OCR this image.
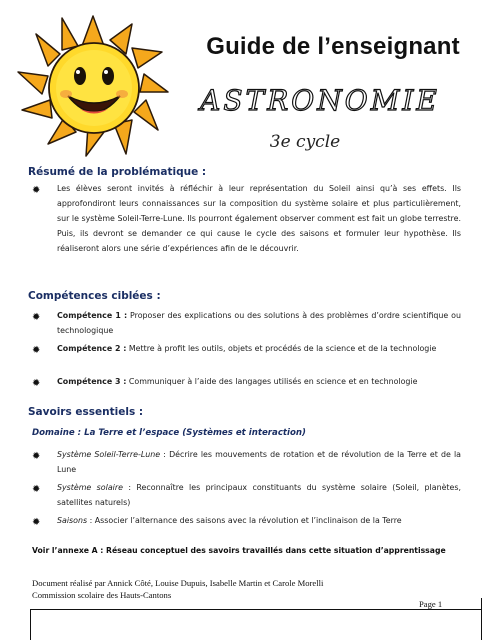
Guide de l’enseignant
ASTRONOMIE
3e cycle
Résumé de la problématique :
✹ Les élèves seront invités à réfléchir à leur représentation du Soleil ainsi qu’à ses effets. Ils approfondiront leurs connaissances sur la composition du système solaire et plus particulièrement, sur le système Soleil-Terre-Lune. Ils pourront également observer comment est fait un globe terrestre. Puis, ils devront se demander ce qui cause le cycle des saisons et formuler leur hypothèse. Ils réaliseront alors une série d’expériences afin de le découvrir.
Compétences ciblées :
✹ Compétence 1 : Proposer des explications ou des solutions à des problèmes d’ordre scientifique ou technologique
✹ Compétence 2 : Mettre à profit les outils, objets et procédés de la science et de la technologie
✹ Compétence 3 : Communiquer à l’aide des langages utilisés en science et en technologie
Savoirs essentiels :
Domaine : La Terre et l’espace (Systèmes et interaction)
✹ Système Soleil-Terre-Lune : Décrire les mouvements de rotation et de révolution de la Terre et de la Lune
✹ Système solaire : Reconnaître les principaux constituants du système solaire (Soleil, planètes, satellites naturels)
✹ Saisons : Associer l’alternance des saisons avec la révolution et l’inclinaison de la Terre
Voir l’annexe A : Réseau conceptuel des savoirs travaillés dans cette situation d’apprentissage
Document réalisé par Annick Côté, Louise Dupuis, Isabelle Martin et Carole Morelli
Commission scolaire des Hauts-Cantons
Page 1
